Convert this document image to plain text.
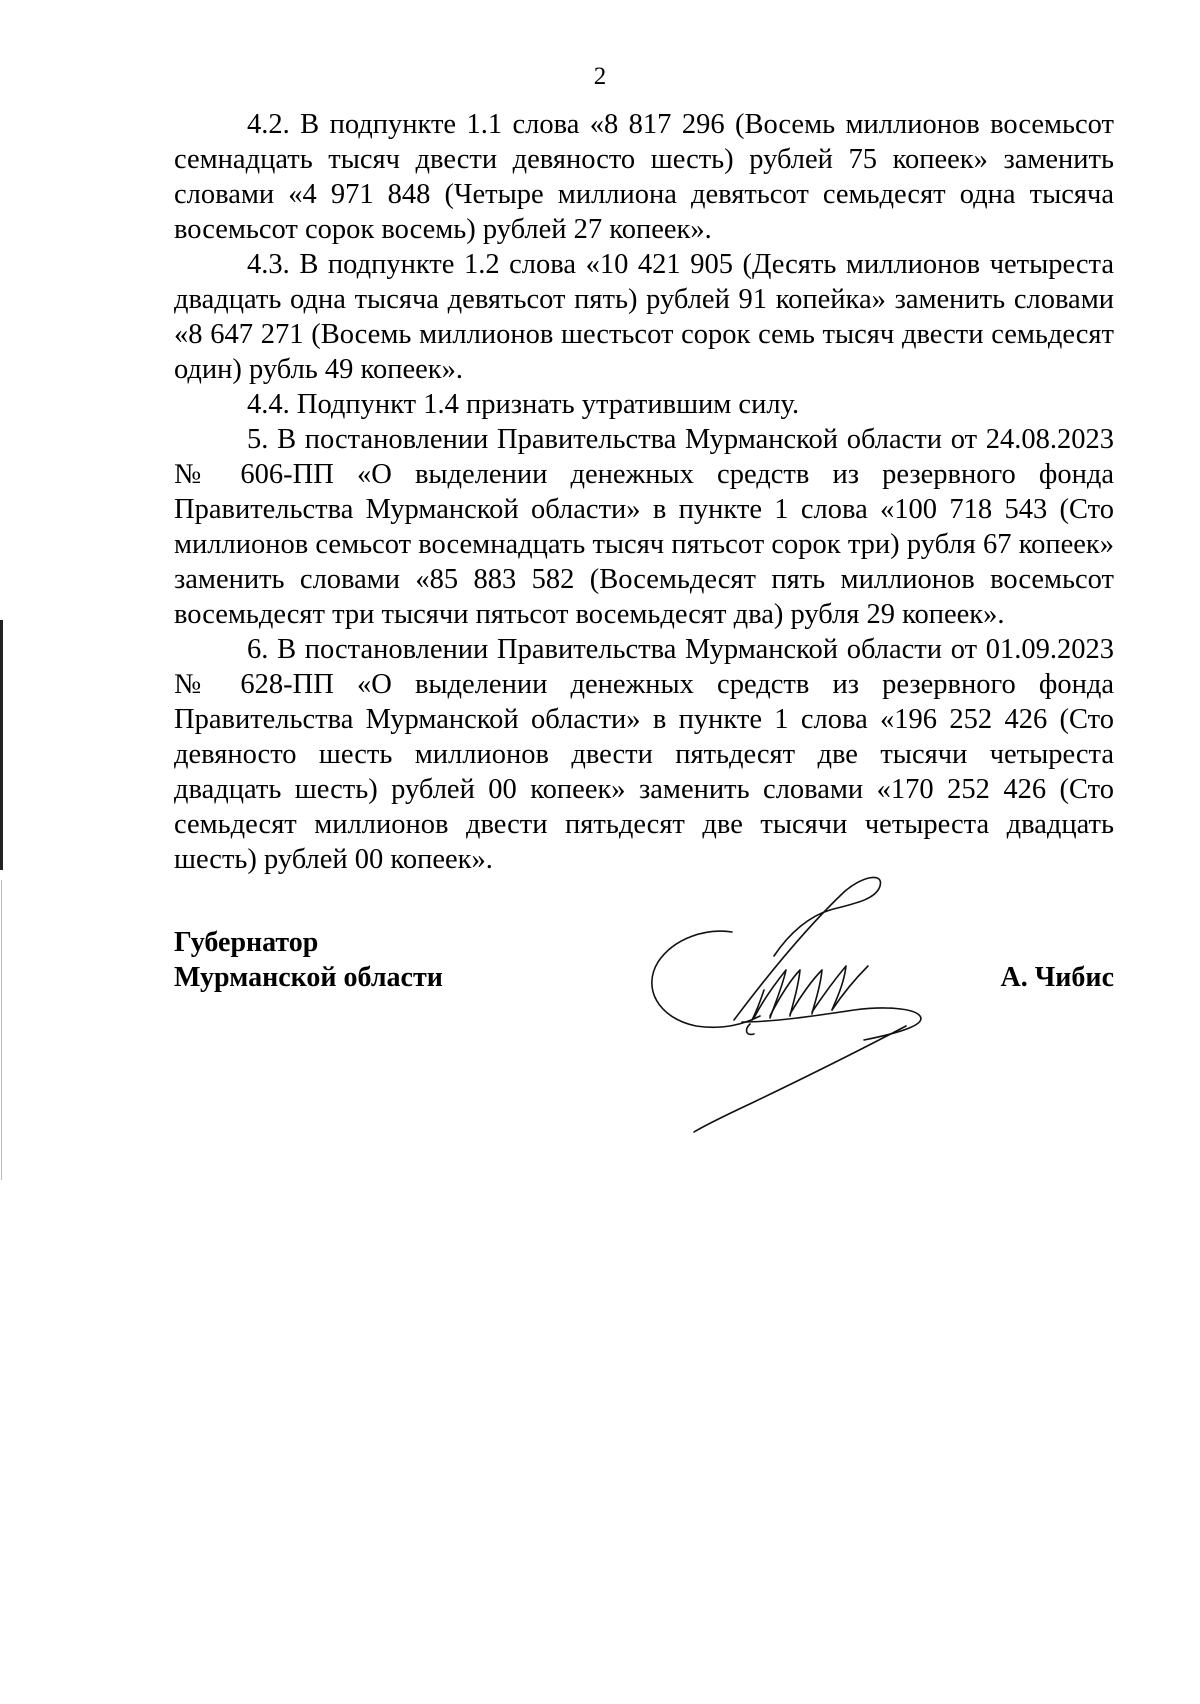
2

4.2. В подпункте 1.1 слова «8 817 296 (Восемь миллионов восемьсот семнадцать тысяч двести девяносто шесть) рублей 75 копеек» заменить словами «4 971 848 (Четыре миллиона девятьсот семьдесят одна тысяча восемьсот сорок восемь) рублей 27 копеек».

4.3. В подпункте 1.2 слова «10 421 905 (Десять миллионов четыреста двадцать одна тысяча девятьсот пять) рублей 91 копейка» заменить словами «8 647 271 (Восемь миллионов шестьсот сорок семь тысяч двести семьдесят один) рубль 49 копеек».

4.4. Подпункт 1.4 признать утратившим силу.

5. В постановлении Правительства Мурманской области от 24.08.2023 № 606-ПП «О выделении денежных средств из резервного фонда Правительства Мурманской области» в пункте 1 слова «100 718 543 (Сто миллионов семьсот восемнадцать тысяч пятьсот сорок три) рубля 67 копеек» заменить словами «85 883 582 (Восемьдесят пять миллионов восемьсот восемьдесят три тысячи пятьсот восемьдесят два) рубля 29 копеек».

6. В постановлении Правительства Мурманской области от 01.09.2023 № 628-ПП «О выделении денежных средств из резервного фонда Правительства Мурманской области» в пункте 1 слова «196 252 426 (Сто девяносто шесть миллионов двести пятьдесят две тысячи четыреста двадцать шесть) рублей 00 копеек» заменить словами «170 252 426 (Сто семьдесят миллионов двести пятьдесят две тысячи четыреста двадцать шесть) рублей 00 копеек».

Губернатор
Мурманской области	А. Чибис
